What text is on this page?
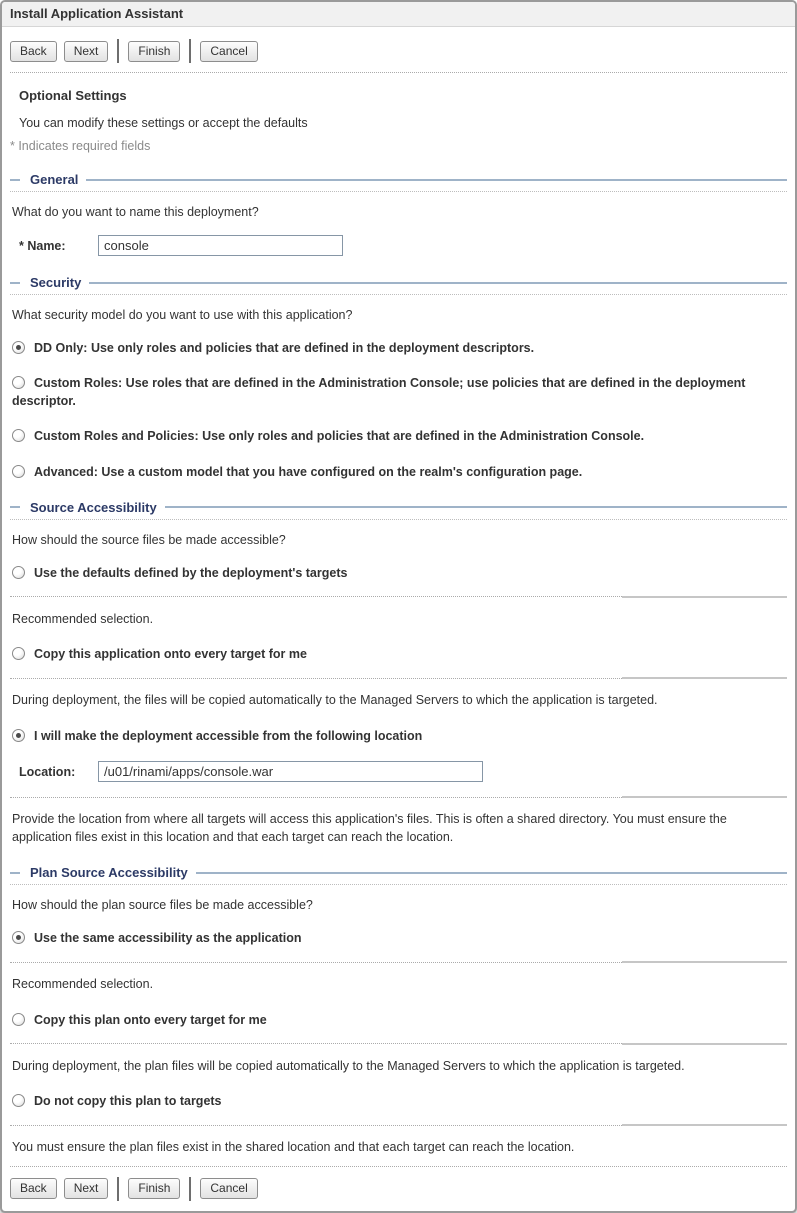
Install Application Assistant
Back	Next	Finish	Cancel
Optional Settings
You can modify these settings or accept the defaults
* Indicates required fields
General
What do you want to name this deployment?
* Name:
console
Security
What security model do you want to use with this application?
DD Only: Use only roles and policies that are defined in the deployment descriptors.
Custom Roles: Use roles that are defined in the Administration Console; use policies that are defined in the deployment descriptor.
Custom Roles and Policies: Use only roles and policies that are defined in the Administration Console.
Advanced: Use a custom model that you have configured on the realm's configuration page.
Source Accessibility
How should the source files be made accessible?
Use the defaults defined by the deployment's targets
Recommended selection.
Copy this application onto every target for me
During deployment, the files will be copied automatically to the Managed Servers to which the application is targeted.
I will make the deployment accessible from the following location
Location:
/u01/rinami/apps/console.war
Provide the location from where all targets will access this application's files. This is often a shared directory. You must ensure the application files exist in this location and that each target can reach the location.
Plan Source Accessibility
How should the plan source files be made accessible?
Use the same accessibility as the application
Recommended selection.
Copy this plan onto every target for me
During deployment, the plan files will be copied automatically to the Managed Servers to which the application is targeted.
Do not copy this plan to targets
You must ensure the plan files exist in the shared location and that each target can reach the location.
Back	Next	Finish	Cancel
